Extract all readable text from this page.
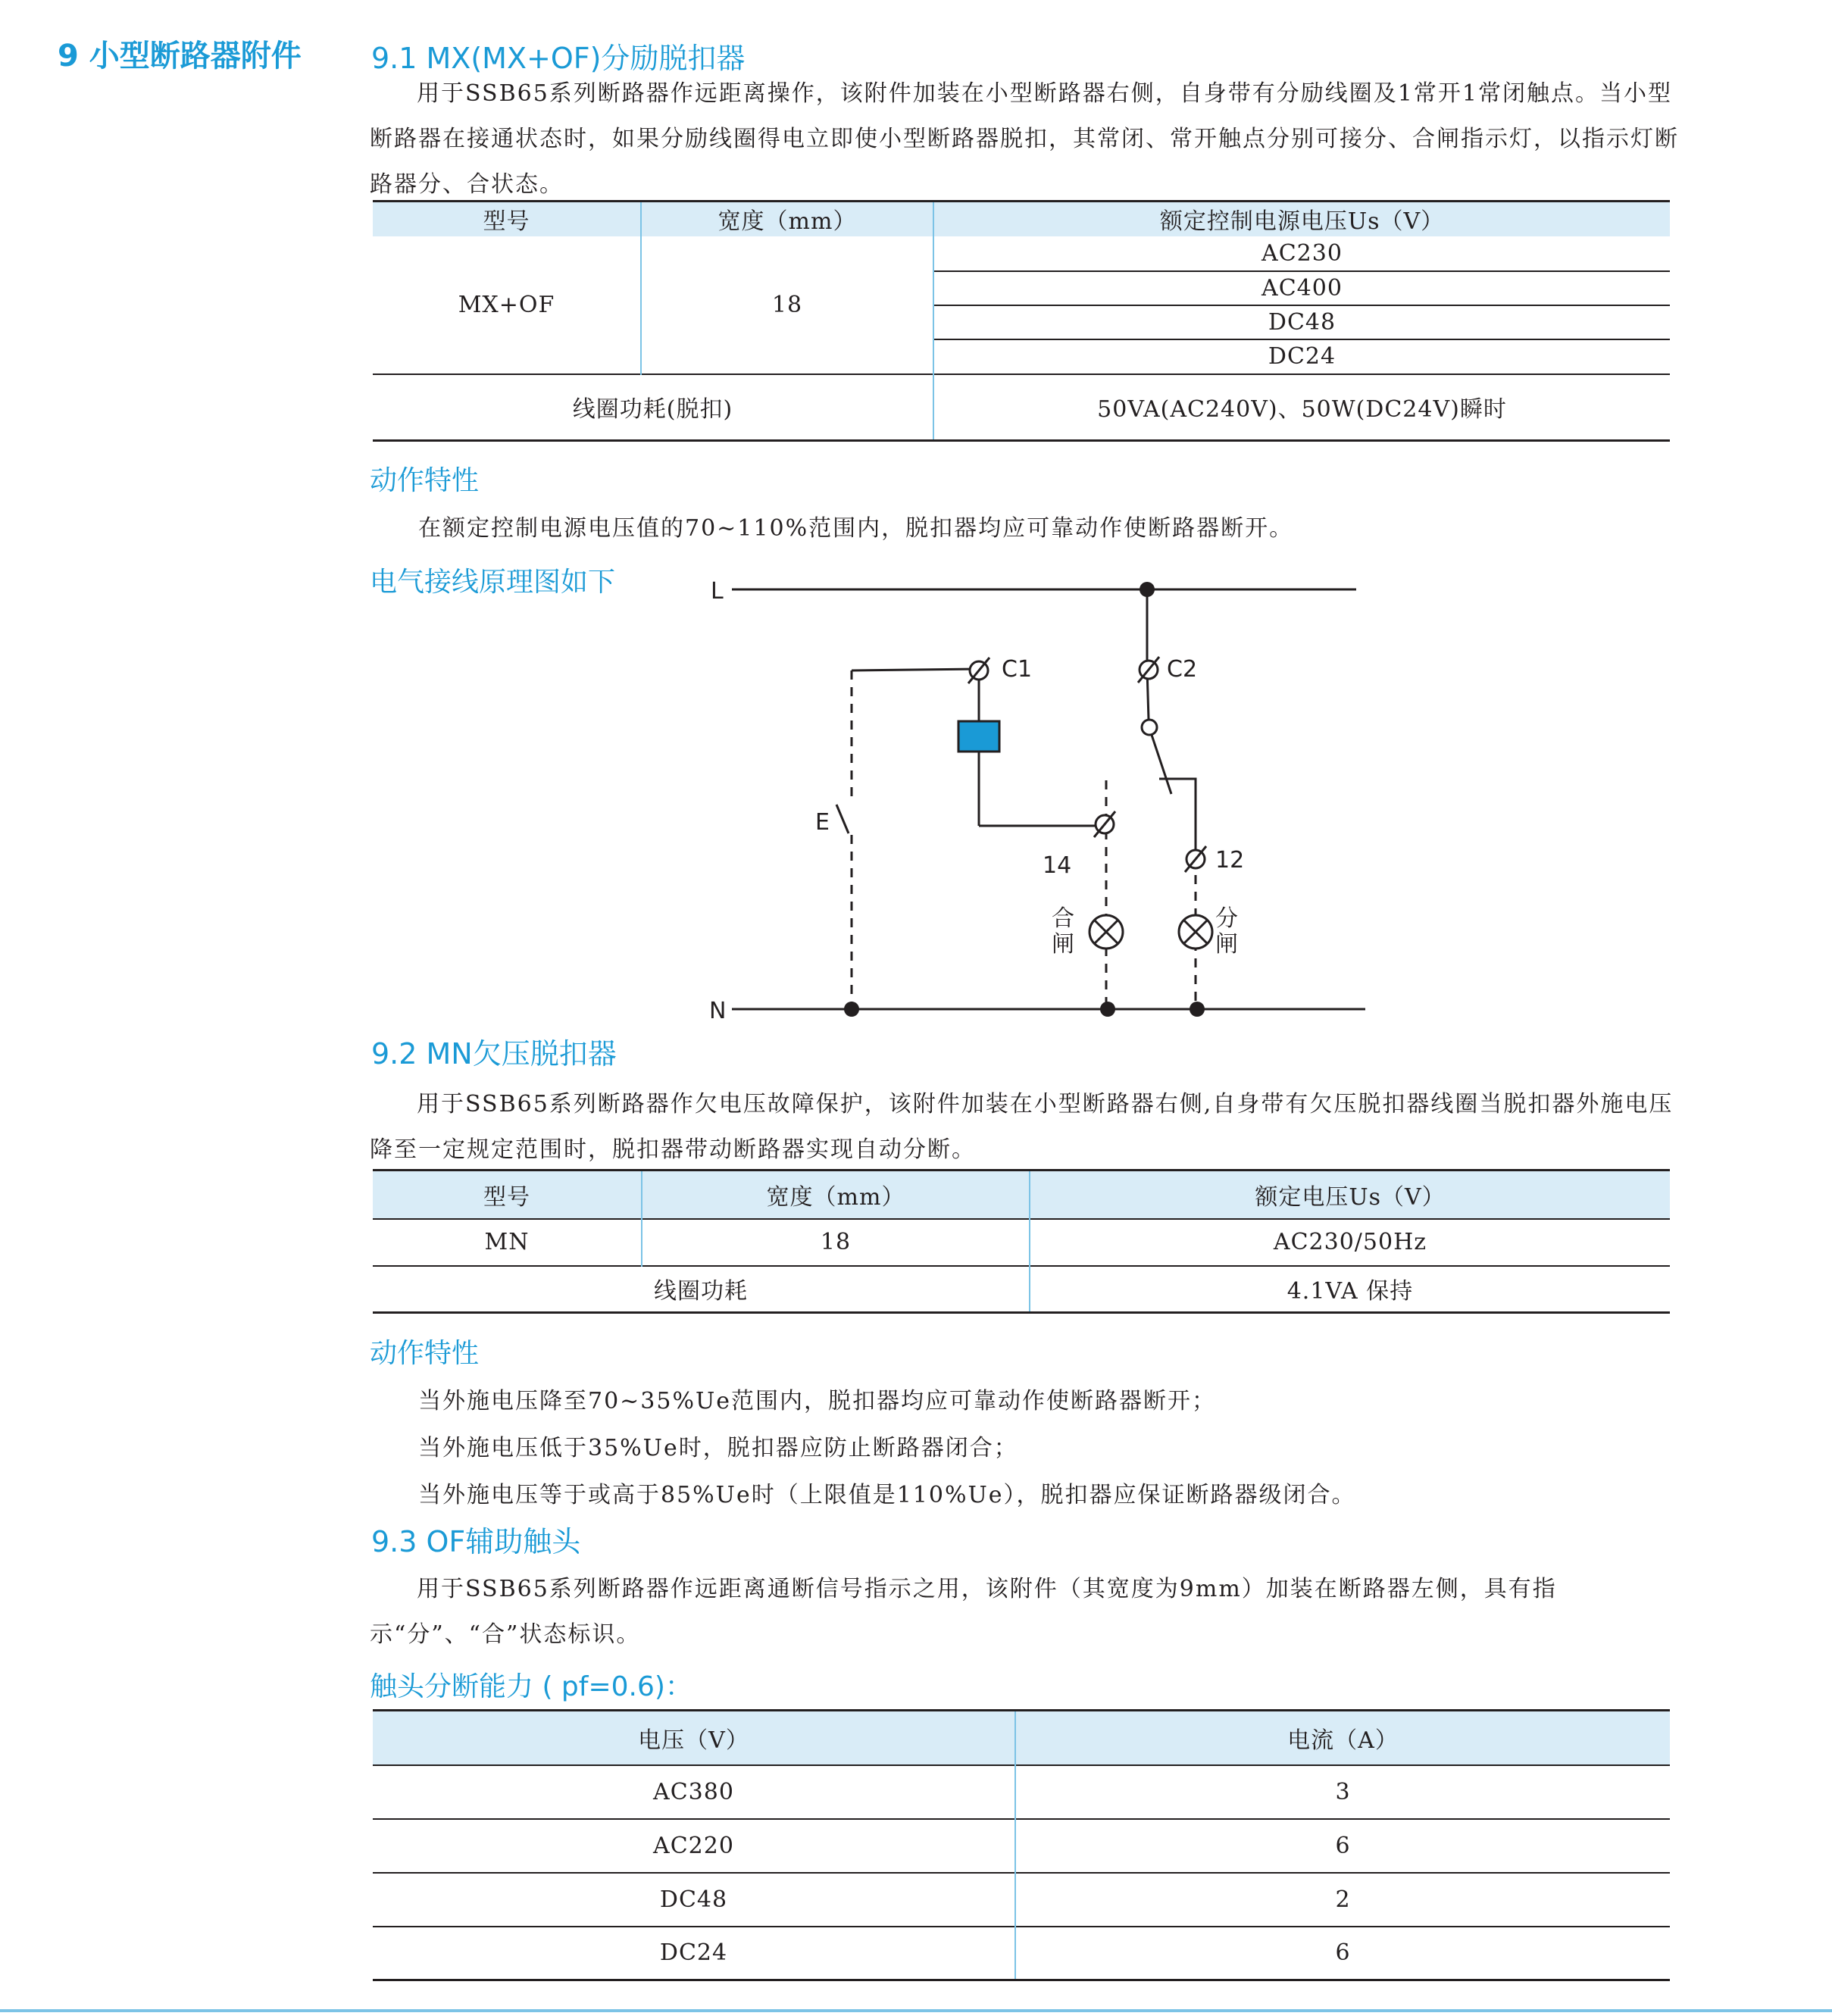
9 小型断路器附件 9.1 MX(MX+OF)分励脱扣器

用于SSB65系列断路器作远距离操作，该附件加装在小型断路器右侧，自身带有分励线圈及1常开1常闭触点。当小型断路器在接通状态时，如果分励线圈得电立即使小型断路器脱扣，其常闭、常开触点分别可接分、合闸指示灯，以指示灯断路器分、合状态。

型号	宽度（mm）	额定控制电源电压Us（V）
MX+OF	18	AC230
		AC400
		DC48
		DC24
线圈功耗(脱扣)		50VA(AC240V)、50W(DC24V)瞬时
动作特性
在额定控制电源电压值的70~110%范围内，脱扣器均应可靠动作使断路器断开。
电气接线原理图如下	L
N
C1	C2
E
14	12
合
闸
分
闸
9.2 MN欠压脱扣器

用于SSB65系列断路器作欠电压故障保护，该附件加装在小型断路器右侧,自身带有欠压脱扣器线圈当脱扣器外施电压降至一定规定范围时，脱扣器带动断路器实现自动分断。

型号	宽度（mm）	额定电压Us（V）
MN	18	AC230/50Hz
线圈功耗		4.1VA 保持
动作特性
当外施电压降至70~35%Ue范围内，脱扣器均应可靠动作使断路器断开；
当外施电压低于35%Ue时，脱扣器应防止断路器闭合；
当外施电压等于或高于85%Ue时（上限值是110%Ue），脱扣器应保证断路器级闭合。
9.3 OF辅助触头

用于SSB65系列断路器作远距离通断信号指示之用，该附件（其宽度为9mm）加装在断路器左侧，具有指示“分”、“合”状态标识。

触头分断能力 ( pf=0.6)：
电压（V）	电流（A）
AC380	3
AC220	6
DC48	2
DC24	6
